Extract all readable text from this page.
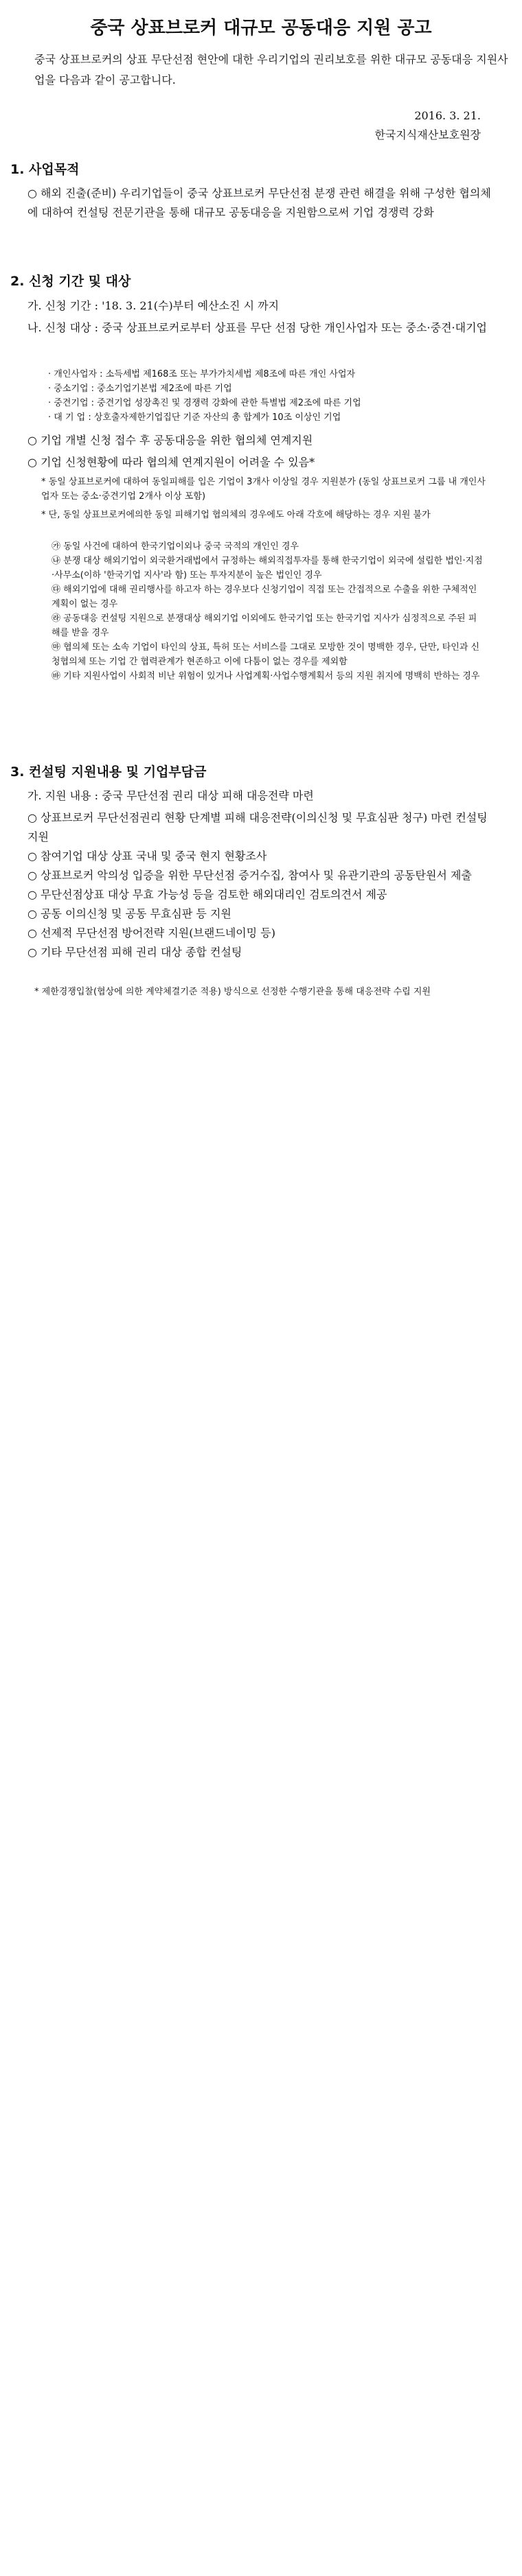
중국 상표브로커 대규모 공동대응 지원 공고
중국 상표브로커의 상표 무단선점 현안에 대한 우리기업의 권리보호를 위한 대규모 공동대응 지원사업을 다음과 같이 공고합니다.
2016. 3. 21.
한국지식재산보호원장
1. 사업목적
○ 해외 진출(준비) 우리기업들이 중국 상표브로커 무단선점 분쟁 관련 해결을 위해 구성한 협의체에 대하여 컨설팅 전문기관을 통해 대규모 공동대응을 지원함으로써 기업 경쟁력 강화
2. 신청 기간 및 대상
가. 신청 기간 : '18. 3. 21(수)부터 예산소진 시 까지
나. 신청 대상 : 중국 상표브로커로부터 상표를 무단 선점 당한 개인사업자 또는 중소·중견·대기업
· 개인사업자 : 소득세법 제168조 또는 부가가치세법 제8조에 따른 개인 사업자
· 중소기업 : 중소기업기본법 제2조에 따른 기업
· 중견기업 : 중견기업 성장촉진 및 경쟁력 강화에 관한 특별법 제2조에 따른 기업
· 대 기 업 : 상호출자제한기업집단 기준 자산의 총 합계가 10조 이상인 기업
○ 기업 개별 신청 접수 후 공동대응을 위한 협의체 연계지원
○ 기업 신청현황에 따라 협의체 연계지원이 어려울 수 있음*
* 동일 상표브로커에 대하여 동일피해를 입은 기업이 3개사 이상일 경우 지원분가 (동일 상표브로커 그룹 내 개인사업자 또는 중소·중견기업 2개사 이상 포함)
* 단, 동일 상표브로커에의한 동일 피해기업 협의체의 경우에도 아래 각호에 해당하는 경우 지원 불가
㉮ 동일 사건에 대하여 한국기업이외나 중국 국적의 개인인 경우
㉯ 분쟁 대상 해외기업이 외국환거래법에서 규정하는 해외직접투자를 통해 한국기업이 외국에 설립한 법인·지점·사무소(이하 '한국기업 지사'라 함) 또는 투자지분이 높은 법인인 경우
㉰ 해외기업에 대해 권리행사를 하고자 하는 경우보다 신청기업이 직접 또는 간접적으로 수출을 위한 구체적인 계획이 없는 경우
㉱ 공동대응 컨설팅 지원으로 분쟁대상 해외기업 이외에도 한국기업 또는 한국기업 지사가 심정적으로 주된 피해를 받을 경우
㉲ 협의체 또는 소속 기업이 타인의 상표, 특허 또는 서비스를 그대로 모방한 것이 명백한 경우, 단만, 타인과 신청협의체 또는 기업 간 협력관계가 현존하고 이에 다툼이 없는 경우를 제외함
㉳ 기타 지원사업이 사회적 비난 위험이 있거나 사업계획·사업수행계획서 등의 지원 취지에 명백히 반하는 경우
3. 컨설팅 지원내용 및 기업부담금
가. 지원 내용 : 중국 무단선점 권리 대상 피해 대응전략 마련
○ 상표브로커 무단선점권리 현황 단계별 피해 대응전략(이의신청 및 무효심판 청구) 마련 컨설팅 지원
○ 참여기업 대상 상표 국내 및 중국 현지 현황조사
○ 상표브로커 악의성 입증을 위한 무단선점 증거수집, 참여사 및 유관기관의 공동탄원서 제출
○ 무단선점상표 대상 무효 가능성 등을 검토한 해외대리인 검토의견서 제공
○ 공동 이의신청 및 공동 무효심판 등 지원
○ 선제적 무단선점 방어전략 지원(브랜드네이밍 등)
○ 기타 무단선점 피해 권리 대상 종합 컨설팅
* 제한경쟁입찰(협상에 의한 계약체결기준 적용) 방식으로 선정한 수행기관을 통해 대응전략 수립 지원
